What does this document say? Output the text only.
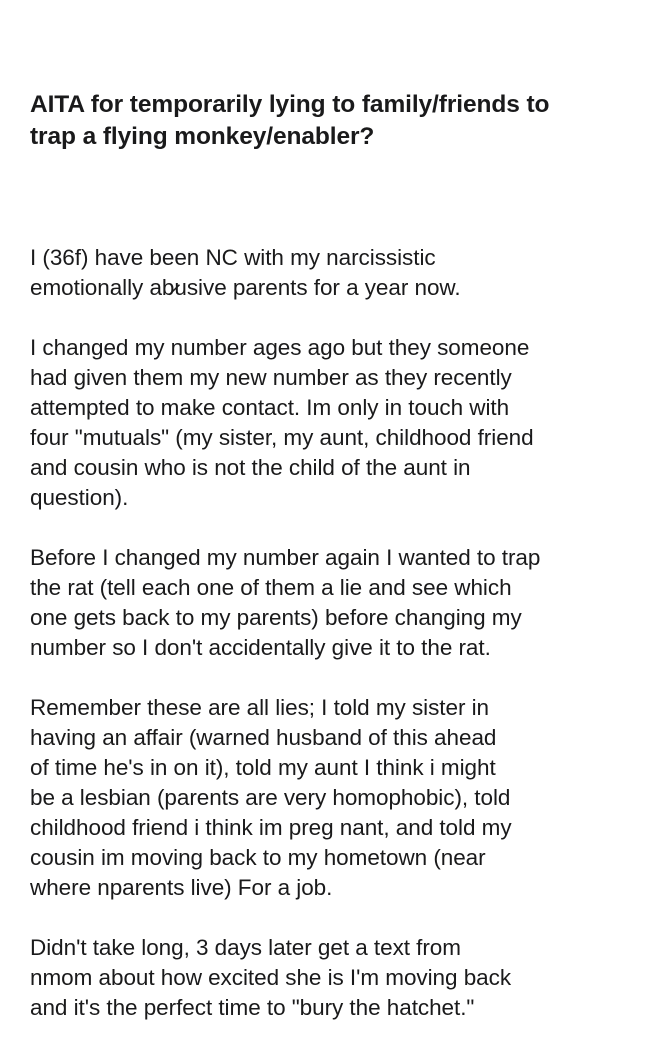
AITA for temporarily lying to family/friends to
trap a flying monkey/enabler?

I (36f) have been NC with my narcissistic
emotionally ab̷usive parents for a year now.

I changed my number ages ago but they someone
had given them my new number as they recently
attempted to make contact. Im only in touch with
four "mutuals" (my sister, my aunt, childhood friend
and cousin who is not the child of the aunt in
question).

Before I changed my number again I wanted to trap
the rat (tell each one of them a lie and see which
one gets back to my parents) before changing my
number so I don't accidentally give it to the rat.

Remember these are all lies; I told my sister in
having an affair (warned husband of this ahead
of time he's in on it), told my aunt I think i might
be a lesbian (parents are very homophobic), told
childhood friend i think im preg nant, and told my
cousin im moving back to my hometown (near
where nparents live) For a job.

Didn't take long, 3 days later get a text from
nmom about how excited she is I'm moving back
and it's the perfect time to "bury the hatchet."
